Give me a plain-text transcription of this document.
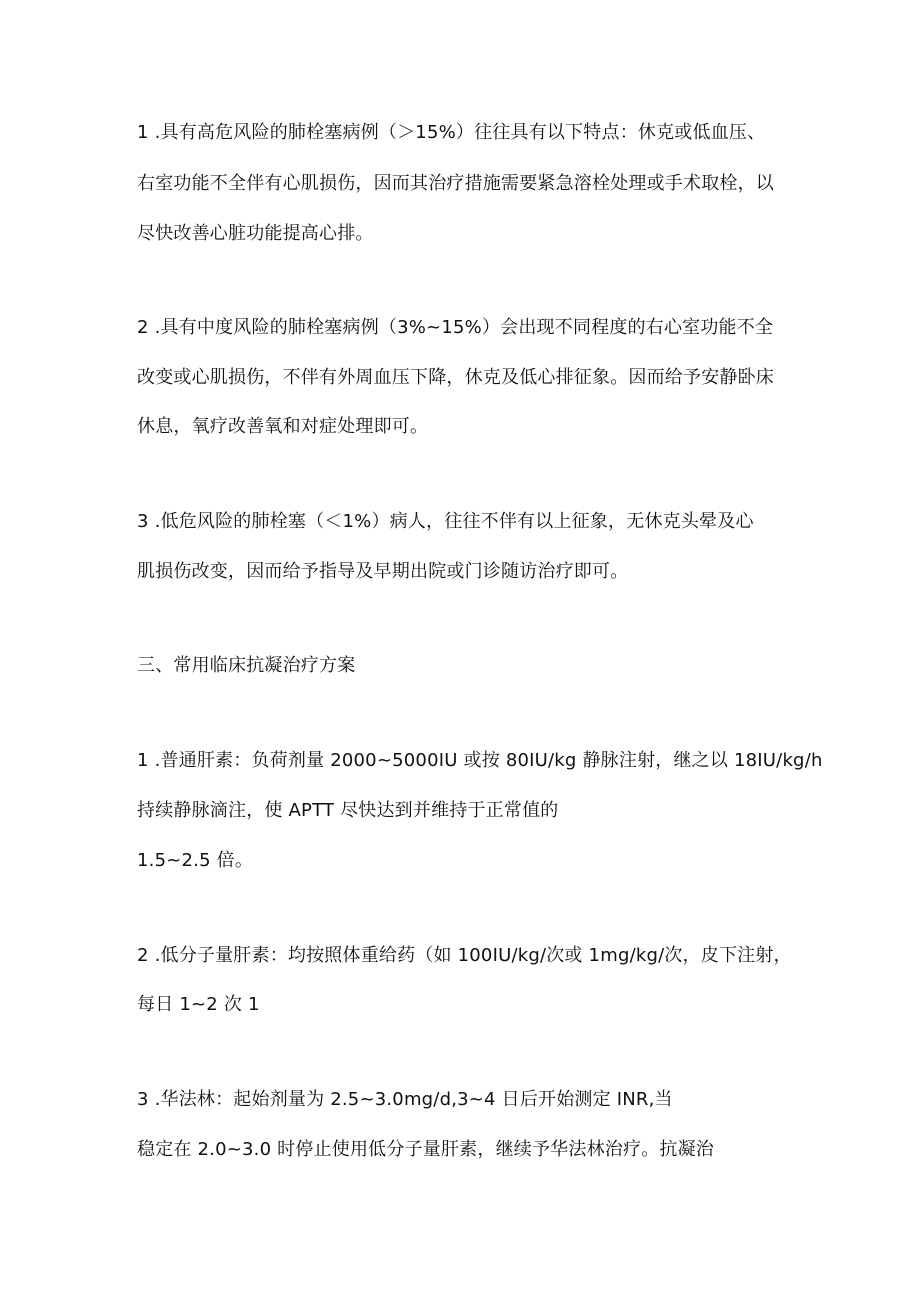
1 .具有高危风险的肺栓塞病例（＞15%）往往具有以下特点：休克或低血压、

右室功能不全伴有心肌损伤，因而其治疗措施需要紧急溶栓处理或手术取栓，以

尽快改善心脏功能提高心排。

2 .具有中度风险的肺栓塞病例（3%~15%）会出现不同程度的右心室功能不全

改变或心肌损伤，不伴有外周血压下降，休克及低心排征象。因而给予安静卧床

休息，氧疗改善氧和对症处理即可。

3 .低危风险的肺栓塞（＜1%）病人，往往不伴有以上征象，无休克头晕及心

肌损伤改变，因而给予指导及早期出院或门诊随访治疗即可。

三、常用临床抗凝治疗方案

1 .普通肝素：负荷剂量 2000~5000IU 或按 80IU/kg 静脉注射，继之以 18IU/kg/h

持续静脉滴注，使 APTT 尽快达到并维持于正常值的

1.5~2.5 倍。

2 .低分子量肝素：均按照体重给药（如 100IU/kg/次或 1mg/kg/次，皮下注射，

每日 1~2 次 1

3 .华法林：起始剂量为 2.5~3.0mg/d,3~4 日后开始测定 INR,当

稳定在 2.0~3.0 时停止使用低分子量肝素，继续予华法林治疗。抗凝治
